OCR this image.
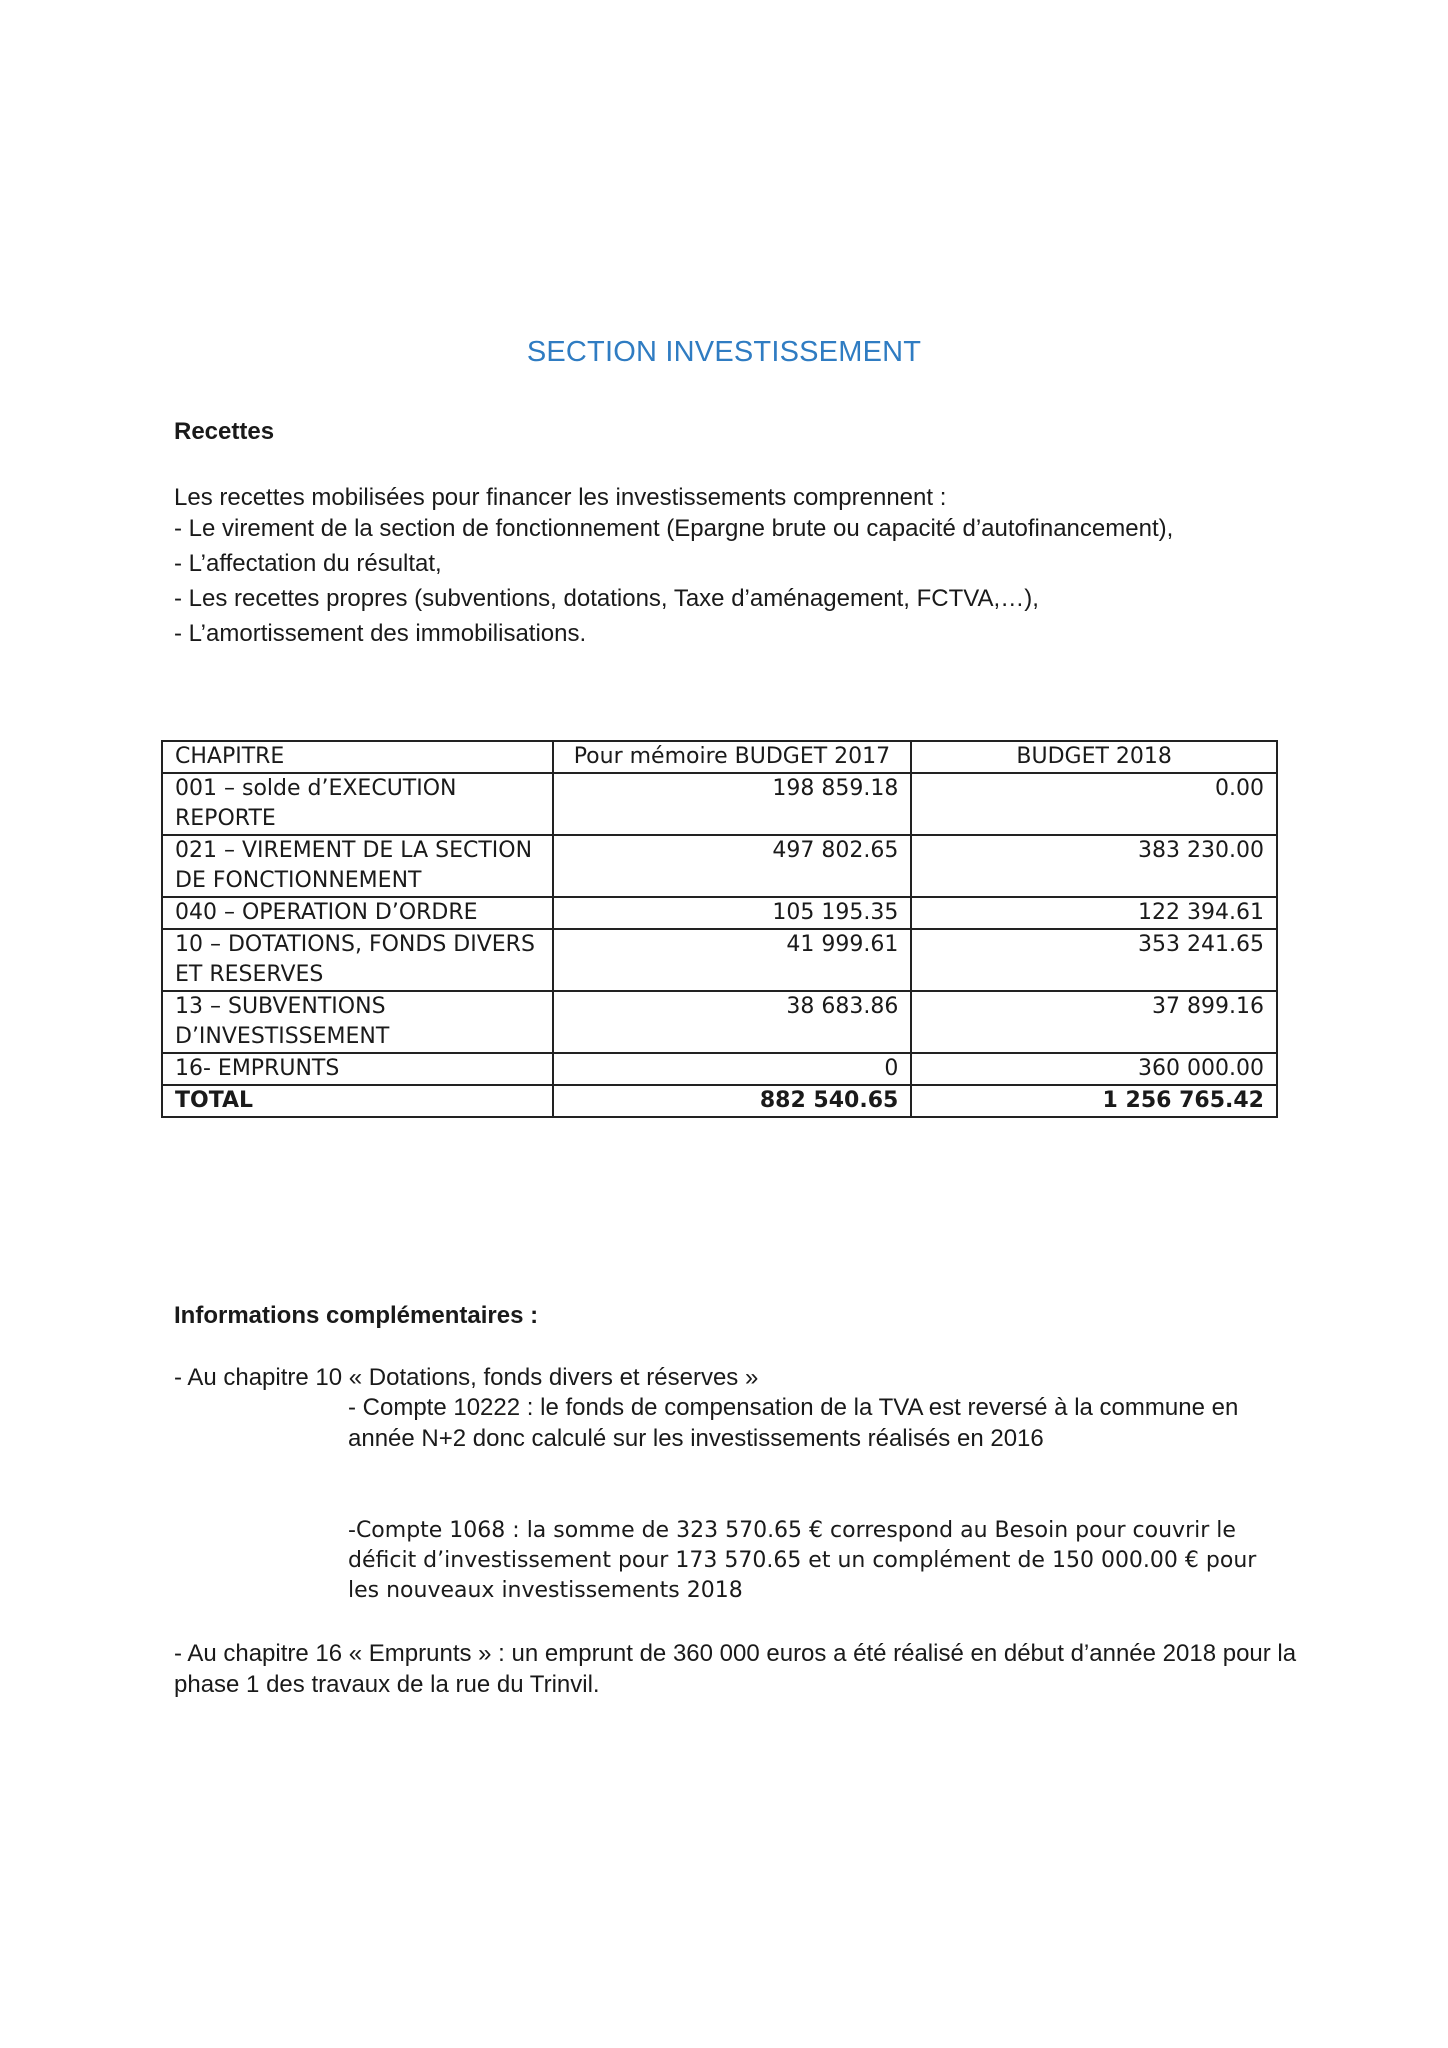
SECTION INVESTISSEMENT
Recettes

Les recettes mobilisées pour financer les investissements comprennent :

- Le virement de la section de fonctionnement (Epargne brute ou capacité d’autofinancement),

- L’affectation du résultat,

- Les recettes propres (subventions, dotations, Taxe d’aménagement, FCTVA,…),

- L’amortissement des immobilisations.

CHAPITRE	Pour mémoire BUDGET 2017	BUDGET 2018
001 – solde d’EXECUTION REPORTE	198 859.18	0.00
021 – VIREMENT DE LA SECTION DE FONCTIONNEMENT	497 802.65	383 230.00
040 – OPERATION D’ORDRE	105 195.35	122 394.61
10 – DOTATIONS, FONDS DIVERS ET RESERVES	41 999.61	353 241.65
13 – SUBVENTIONS D’INVESTISSEMENT	38 683.86	37 899.16
16- EMPRUNTS	0	360 000.00
TOTAL	882 540.65	1 256 765.42
Informations complémentaires :

- Au chapitre 10 « Dotations, fonds divers et réserves »

- Compte 10222 : le fonds de compensation de la TVA est reversé à la commune en année N+2 donc calculé sur les investissements réalisés en 2016

-Compte 1068 : la somme de 323 570.65 € correspond au Besoin pour couvrir le déficit d’investissement pour 173 570.65 et un complément de 150 000.00 € pour les nouveaux investissements 2018

- Au chapitre 16 « Emprunts » : un emprunt de 360 000 euros a été réalisé en début d’année 2018 pour la phase 1 des travaux de la rue du Trinvil.
